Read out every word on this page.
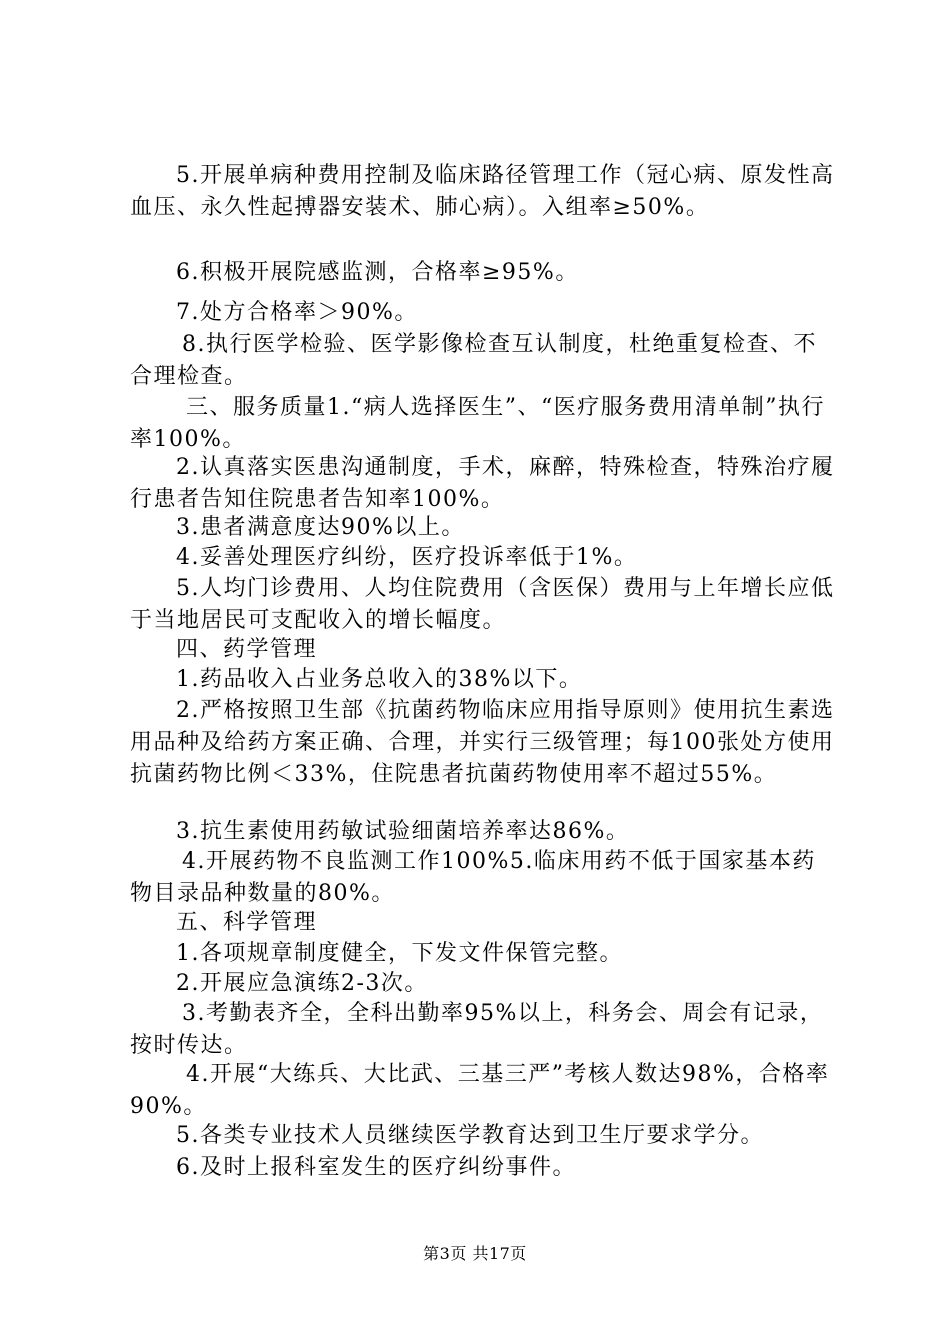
5.开展单病种费用控制及临床路径管理工作（冠心病、原发性高血压、永久性起搏器安装术、肺心病）。入组率≥50%。

6.积极开展院感监测，合格率≥95%。

7.处方合格率＞90%。

8.执行医学检验、医学影像检查互认制度，杜绝重复检查、不合理检查。

三、服务质量1.“病人选择医生”、“医疗服务费用清单制”执行率100%。

2.认真落实医患沟通制度，手术，麻醉，特殊检查，特殊治疗履行患者告知住院患者告知率100%。

3.患者满意度达90%以上。

4.妥善处理医疗纠纷，医疗投诉率低于1%。

5.人均门诊费用、人均住院费用（含医保）费用与上年增长应低于当地居民可支配收入的增长幅度。

四、药学管理

1.药品收入占业务总收入的38%以下。

2.严格按照卫生部《抗菌药物临床应用指导原则》使用抗生素选用品种及给药方案正确、合理，并实行三级管理；每100张处方使用抗菌药物比例＜33%，住院患者抗菌药物使用率不超过55%。

3.抗生素使用药敏试验细菌培养率达86%。

4.开展药物不良监测工作100%5.临床用药不低于国家基本药物目录品种数量的80%。

五、科学管理

1.各项规章制度健全，下发文件保管完整。

2.开展应急演练2-3次。

3.考勤表齐全，全科出勤率95%以上，科务会、周会有记录，按时传达。

4.开展“大练兵、大比武、三基三严”考核人数达98%，合格率90%。

5.各类专业技术人员继续医学教育达到卫生厅要求学分。

6.及时上报科室发生的医疗纠纷事件。

第3页 共17页
